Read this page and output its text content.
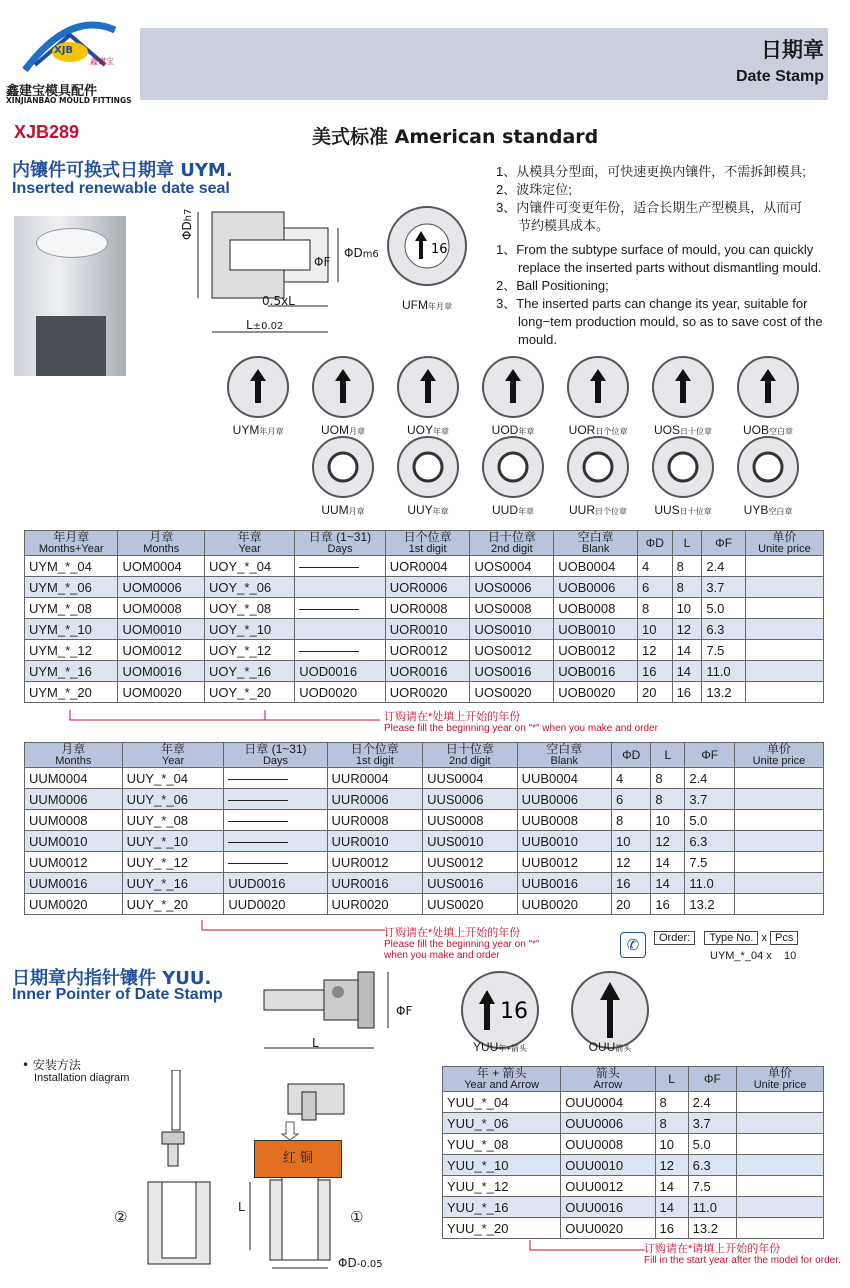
XJB
鑫建宝
鑫建宝模具配件
XINJIANBAO MOULD FITTINGS
日期章
Date Stamp
XJB289	美式标准 American standard
内镶件可换式日期章 UYM.
Inserted renewable date seal
ΦDh7
ΦF
ΦDm6
0.5xL
L±0.02
16
UFM年月章

1、从模具分型面，可快速更换内镶件，不需拆卸模具;

2、波珠定位;

3、内镶件可变更年份，适合长期生产型模具，从而可

节约模具成本。

1、From the subtype surface of mould, you can quickly

replace the inserted parts without dismantling mould.

2、Ball Positioning;

3、The inserted parts can change its year, suitable for

long−tem production mould, so as to save cost of the

mould.

UYM年月章	UOM月章	UOY年章	UOD年章	UOR日个位章	UOS日十位章	UOB空白章
UUM月章	UUY年章	UUD年章	UUR日个位章	UUS日十位章	UYB空白章
年月章
Months+Year	月章
Months	年章
Year	日章 (1~31)
Days	日个位章
1st digit	日十位章
2nd digit	空白章
Blank	ΦD	L	ΦF	单价
Unite price

UYM_*_04	UOM0004	UOY_*_04		UOR0004	UOS0004	UOB0004	4	8	2.4	
UYM_*_06	UOM0006	UOY_*_06		UOR0006	UOS0006	UOB0006	6	8	3.7	
UYM_*_08	UOM0008	UOY_*_08		UOR0008	UOS0008	UOB0008	8	10	5.0	
UYM_*_10	UOM0010	UOY_*_10		UOR0010	UOS0010	UOB0010	10	12	6.3	
UYM_*_12	UOM0012	UOY_*_12		UOR0012	UOS0012	UOB0012	12	14	7.5	
UYM_*_16	UOM0016	UOY_*_16	UOD0016	UOR0016	UOS0016	UOB0016	16	14	11.0	
UYM_*_20	UOM0020	UOY_*_20	UOD0020	UOR0020	UOS0020	UOB0020	20	16	13.2	
订购请在*处填上开始的年份
Please fill the beginning year on "*" when you make and order
月章
Months	年章
Year	日章 (1~31)
Days	日个位章
1st digit	日十位章
2nd digit	空白章
Blank	ΦD	L	ΦF	单价
Unite price

UUM0004	UUY_*_04		UUR0004	UUS0004	UUB0004	4	8	2.4	
UUM0006	UUY_*_06		UUR0006	UUS0006	UUB0006	6	8	3.7	
UUM0008	UUY_*_08		UUR0008	UUS0008	UUB0008	8	10	5.0	
UUM0010	UUY_*_10		UUR0010	UUS0010	UUB0010	10	12	6.3	
UUM0012	UUY_*_12		UUR0012	UUS0012	UUB0012	12	14	7.5	
UUM0016	UUY_*_16	UUD0016	UUR0016	UUS0016	UUB0016	16	14	11.0	
UUM0020	UUY_*_20	UUD0020	UUR0020	UUS0020	UUB0020	20	16	13.2	
订购请在*处填上开始的年份
Please fill the beginning year on "*"
when you make and order
✆	Order: Type No. x Pcs
UYM_*_04 x 10
日期章内指针镶件 YUU.
Inner Pointer of Date Stamp
ΦF
L
16
YUU年+箭头	OUU箭头
• 安装方法
Installation diagram
红 铜
②	①
L
ΦD-0.05
年 + 箭头
Year and Arrow	箭头
Arrow	L	ΦF	单价
Unite price

YUU_*_04	OUU0004	8	2.4	
YUU_*_06	OUU0006	8	3.7	
YUU_*_08	OUU0008	10	5.0	
YUU_*_10	OUU0010	12	6.3	
YUU_*_12	OUU0012	14	7.5	
YUU_*_16	OUU0016	14	11.0	
YUU_*_20	OUU0020	16	13.2	
订购请在*请填上开始的年份
Fill in the start year after the model for order.
